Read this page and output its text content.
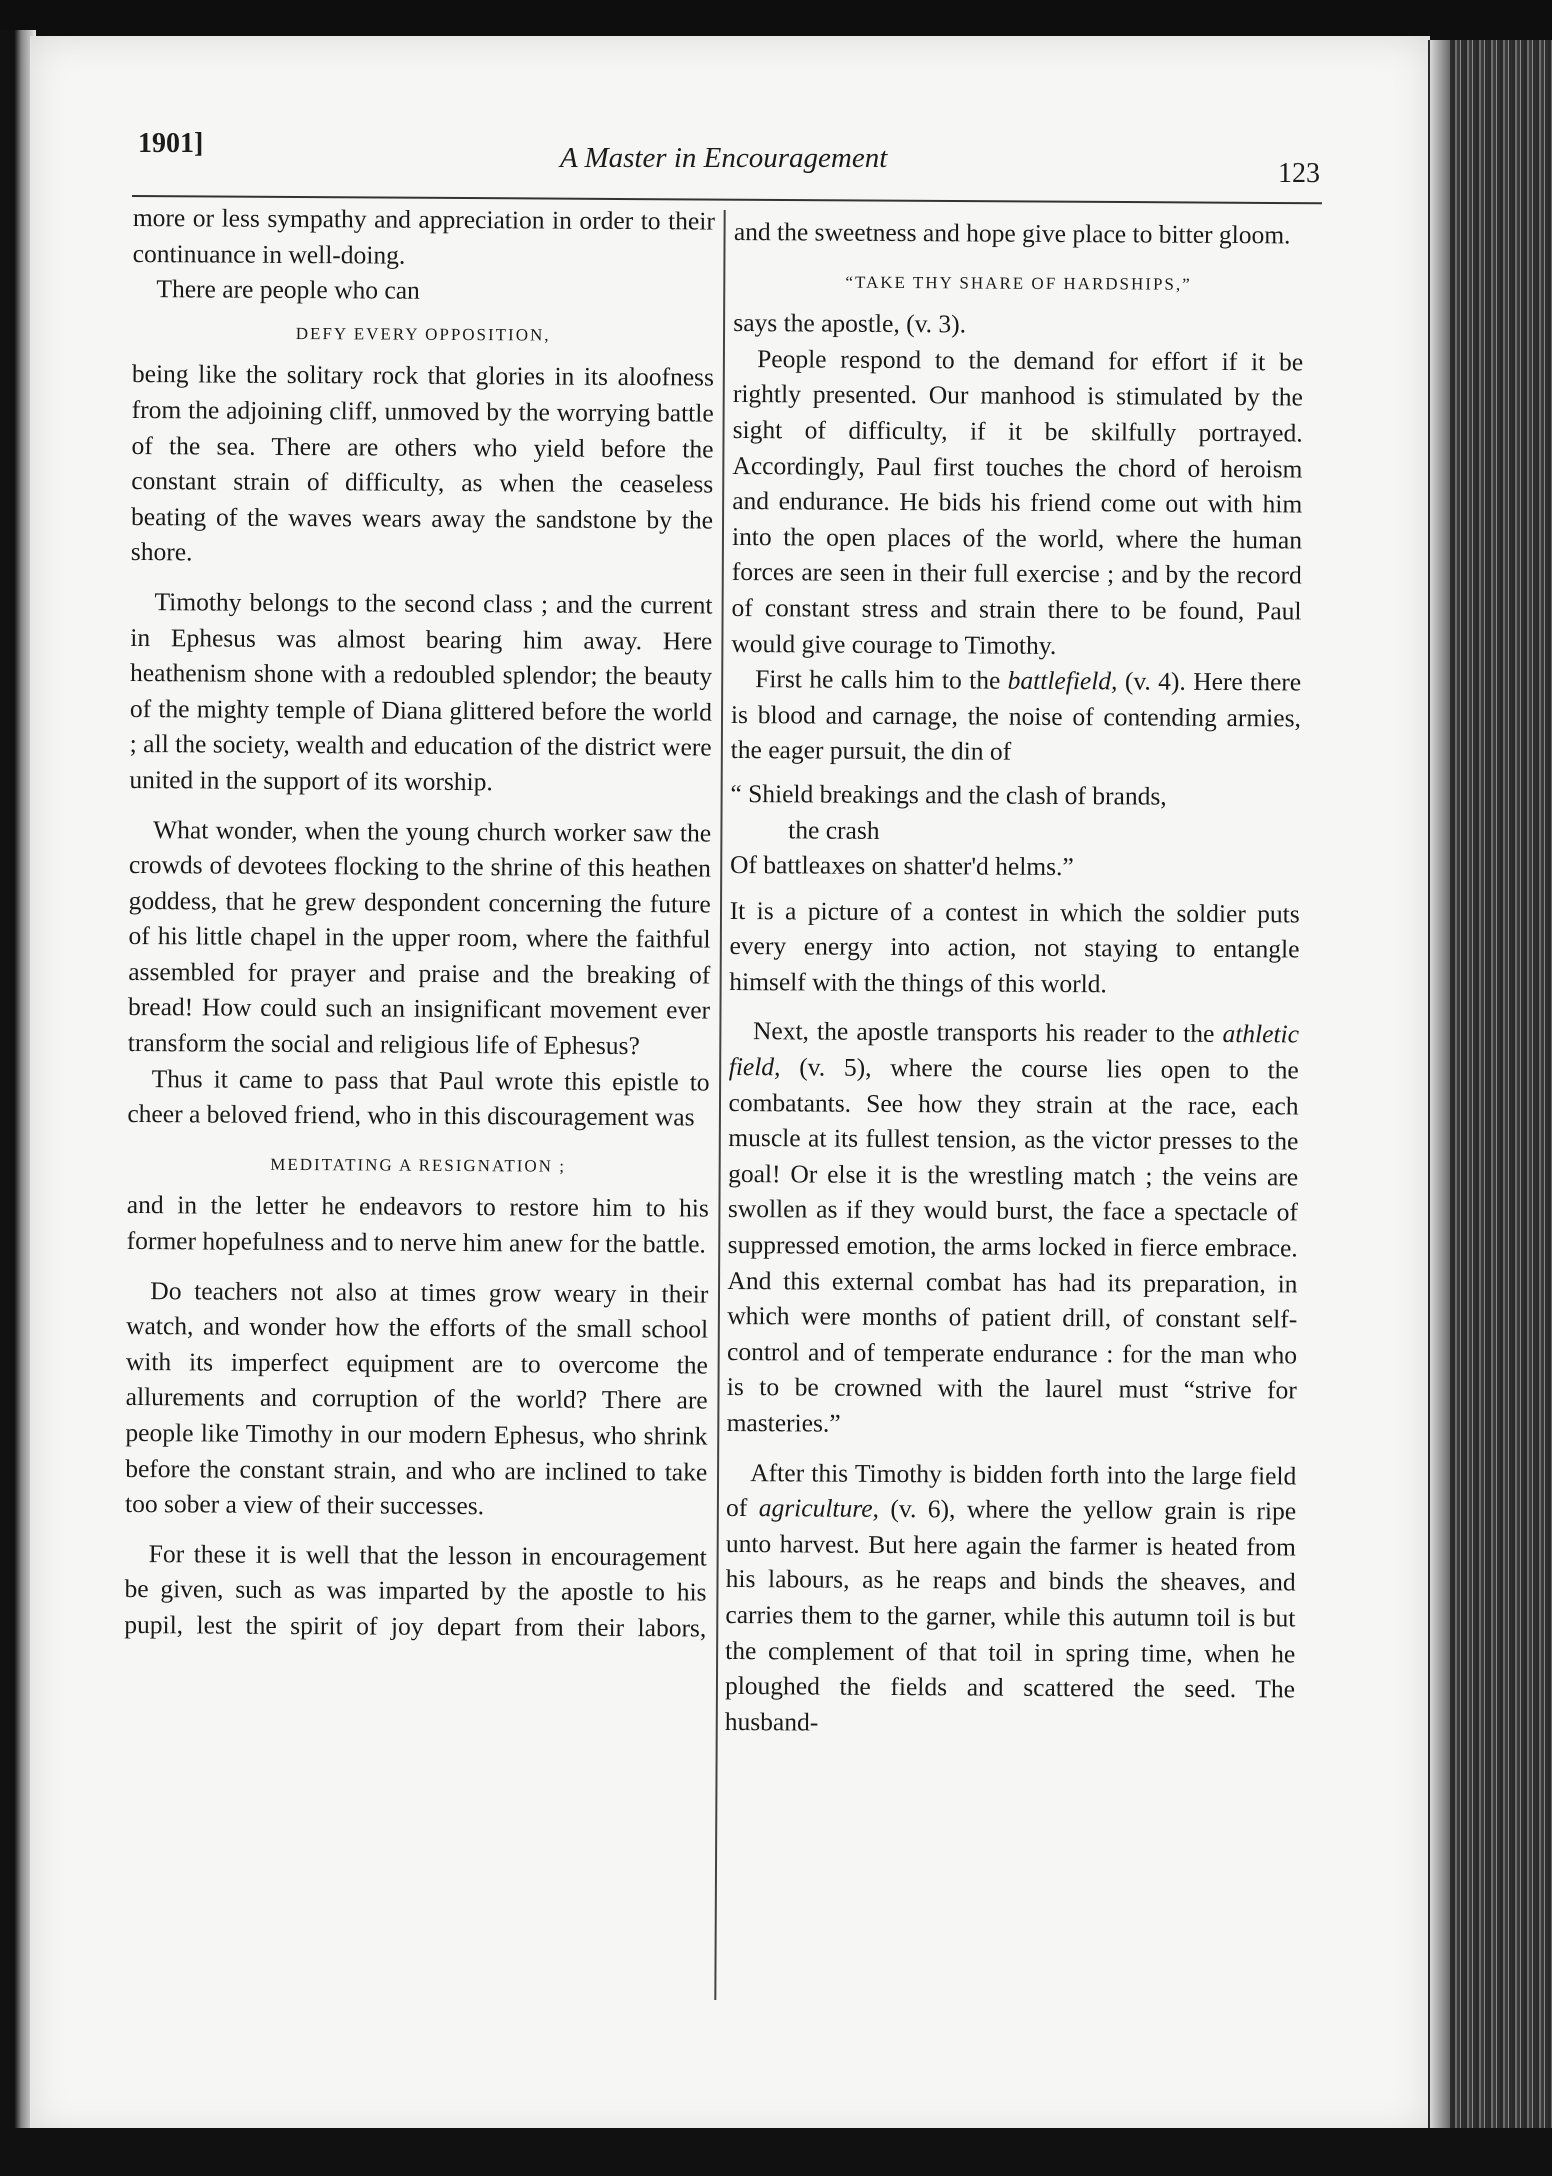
1901]	A Master in Encouragement	123

more or less sympathy and appreciation in order to their continuance in well-doing.

There are people who can

DEFY EVERY OPPOSITION,

being like the solitary rock that glories in its aloofness from the adjoining cliff, unmoved by the worrying battle of the sea. There are others who yield before the constant strain of difficulty, as when the ceaseless beating of the waves wears away the sandstone by the shore.

Timothy belongs to the second class ; and the current in Ephesus was almost bearing him away. Here heathenism shone with a redoubled splendor; the beauty of the mighty temple of Diana glittered before the world ; all the society, wealth and education of the district were united in the support of its worship.

What wonder, when the young church worker saw the crowds of devotees flocking to the shrine of this heathen goddess, that he grew despondent concerning the future of his little chapel in the upper room, where the faithful assembled for prayer and praise and the breaking of bread! How could such an insignificant movement ever transform the social and religious life of Ephesus?

Thus it came to pass that Paul wrote this epistle to cheer a beloved friend, who in this discouragement was

MEDITATING A RESIGNATION ;

and in the letter he endeavors to restore him to his former hopefulness and to nerve him anew for the battle.

Do teachers not also at times grow weary in their watch, and wonder how the efforts of the small school with its imperfect equipment are to overcome the allurements and corruption of the world? There are people like Timothy in our modern Ephesus, who shrink before the constant strain, and who are inclined to take too sober a view of their successes.

For these it is well that the lesson in encouragement be given, such as was imparted by the apostle to his pupil, lest the spirit of joy depart from their labors,

and the sweetness and hope give place to bitter gloom.

“TAKE THY SHARE OF HARDSHIPS,”

says the apostle, (v. 3).

People respond to the demand for effort if it be rightly presented. Our manhood is stimulated by the sight of difficulty, if it be skilfully portrayed. Accordingly, Paul first touches the chord of heroism and endurance. He bids his friend come out with him into the open places of the world, where the human forces are seen in their full exercise ; and by the record of constant stress and strain there to be found, Paul would give courage to Timothy.

First he calls him to the battlefield, (v. 4). Here there is blood and carnage, the noise of contending armies, the eager pursuit, the din of

“ Shield breakings and the clash of brands,
the crash
Of battleaxes on shatter'd helms.”

It is a picture of a contest in which the soldier puts every energy into action, not staying to entangle himself with the things of this world.

Next, the apostle transports his reader to the athletic field, (v. 5), where the course lies open to the combatants. See how they strain at the race, each muscle at its fullest tension, as the victor presses to the goal! Or else it is the wrestling match ; the veins are swollen as if they would burst, the face a spectacle of suppressed emotion, the arms locked in fierce embrace. And this external combat has had its preparation, in which were months of patient drill, of constant self-control and of temperate endurance : for the man who is to be crowned with the laurel must “strive for masteries.”

After this Timothy is bidden forth into the large field of agriculture, (v. 6), where the yellow grain is ripe unto harvest. But here again the farmer is heated from his labours, as he reaps and binds the sheaves, and carries them to the garner, while this autumn toil is but the complement of that toil in spring time, when he ploughed the fields and scattered the seed. The husband-
